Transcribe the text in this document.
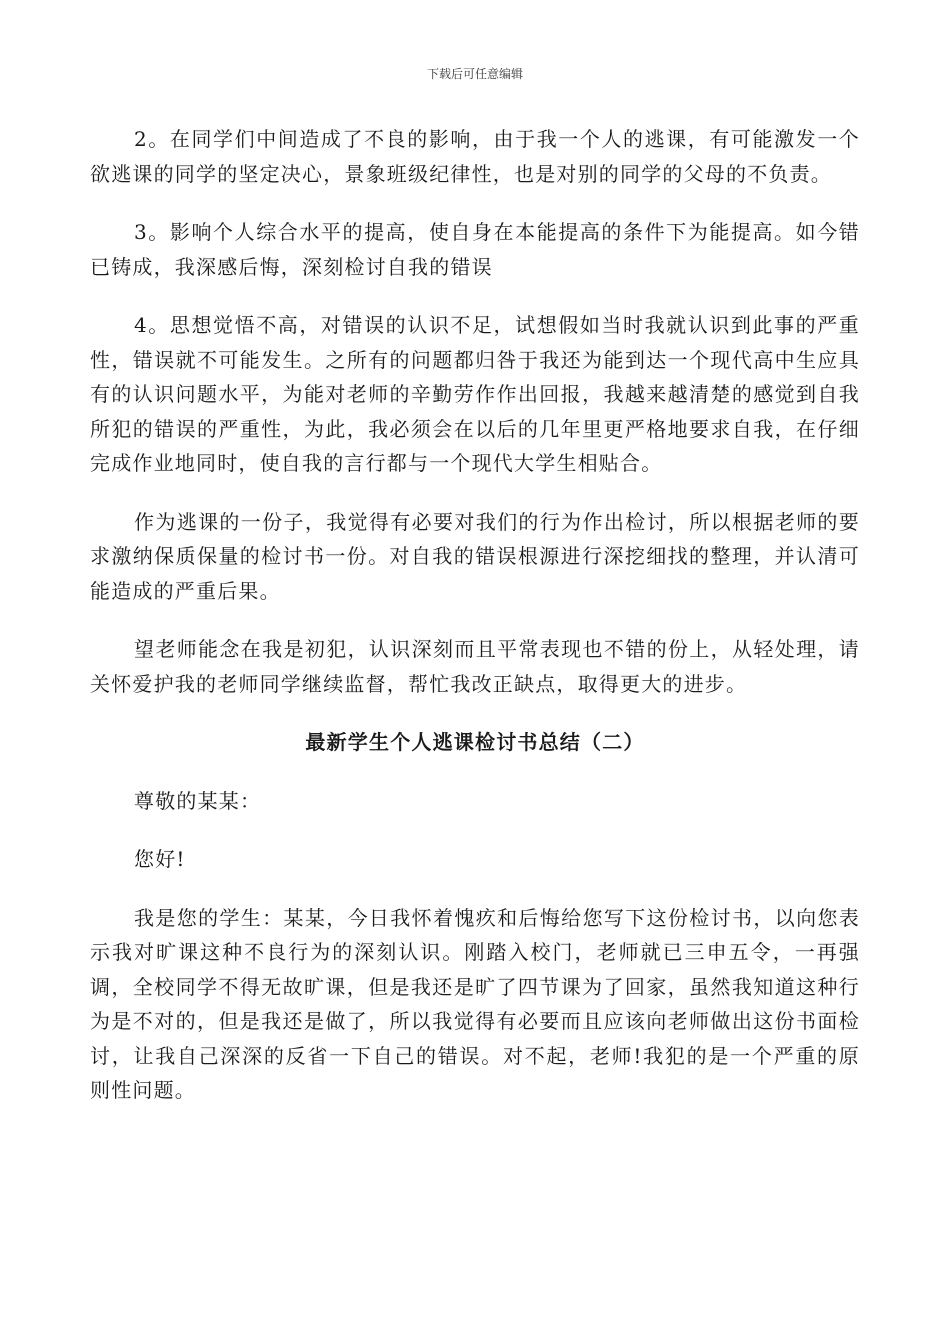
下载后可任意编辑

2。在同学们中间造成了不良的影响，由于我一个人的逃课，有可能激发一个欲逃课的同学的坚定决心，景象班级纪律性，也是对别的同学的父母的不负责。

3。影响个人综合水平的提高，使自身在本能提高的条件下为能提高。如今错已铸成，我深感后悔，深刻检讨自我的错误

4。思想觉悟不高，对错误的认识不足，试想假如当时我就认识到此事的严重性，错误就不可能发生。之所有的问题都归咎于我还为能到达一个现代高中生应具有的认识问题水平，为能对老师的辛勤劳作作出回报，我越来越清楚的感觉到自我所犯的错误的严重性，为此，我必须会在以后的几年里更严格地要求自我，在仔细完成作业地同时，使自我的言行都与一个现代大学生相贴合。

作为逃课的一份子，我觉得有必要对我们的行为作出检讨，所以根据老师的要求激纳保质保量的检讨书一份。对自我的错误根源进行深挖细找的整理，并认清可能造成的严重后果。

望老师能念在我是初犯，认识深刻而且平常表现也不错的份上，从轻处理，请关怀爱护我的老师同学继续监督，帮忙我改正缺点，取得更大的进步。

最新学生个人逃课检讨书总结（二）

尊敬的某某：

您好!

我是您的学生：某某，今日我怀着愧疚和后悔给您写下这份检讨书，以向您表示我对旷课这种不良行为的深刻认识。刚踏入校门，老师就已三申五令，一再强调，全校同学不得无故旷课，但是我还是旷了四节课为了回家，虽然我知道这种行为是不对的，但是我还是做了，所以我觉得有必要而且应该向老师做出这份书面检讨，让我自己深深的反省一下自己的错误。对不起，老师!我犯的是一个严重的原则性问题。
